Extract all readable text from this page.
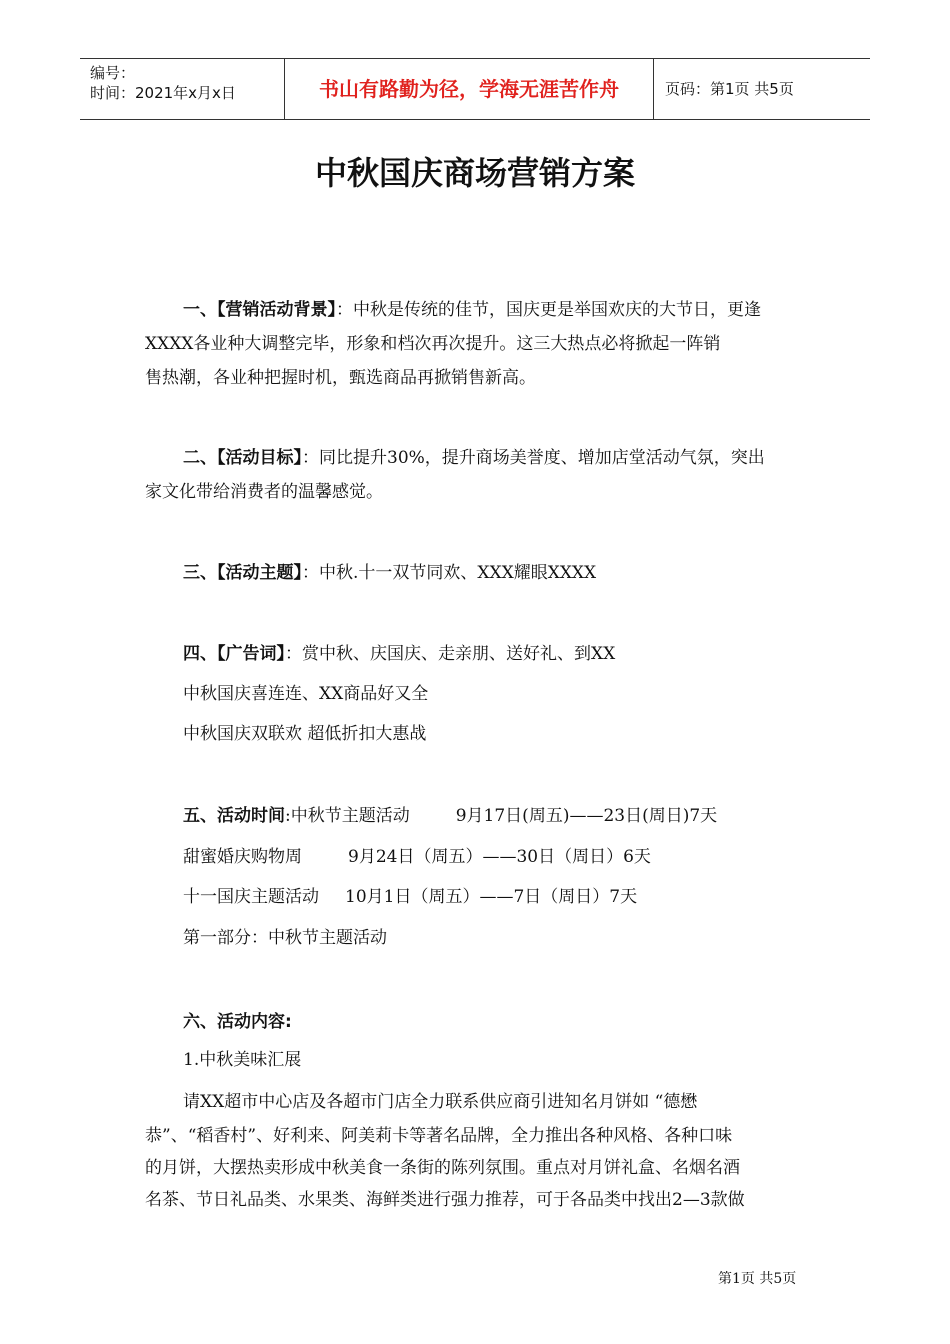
编号：
时间：2021年x月x日	书山有路勤为径，学海无涯苦作舟	页码：第1页 共5页
中秋国庆商场营销方案
一、【营销活动背景】：中秋是传统的佳节，国庆更是举国欢庆的大节日，更逢
XXXX各业种大调整完毕，形象和档次再次提升。这三大热点必将掀起一阵销
售热潮，各业种把握时机，甄选商品再掀销售新高。
二、【活动目标】：同比提升30%，提升商场美誉度、增加店堂活动气氛，突出
家文化带给消费者的温馨感觉。
三、【活动主题】：中秋.十一双节同欢、XXX耀眼XXXX
四、【广告词】：赏中秋、庆国庆、走亲朋、送好礼、到XX
中秋国庆喜连连、XX商品好又全
中秋国庆双联欢 超低折扣大惠战
五、活动时间:中秋节主题活动	9月17日(周五)——23日(周日)7天
甜蜜婚庆购物周	9月24日（周五）——30日（周日）6天
十一国庆主题活动 10月1日（周五）——7日（周日）7天
第一部分：中秋节主题活动
六、活动内容:
1.中秋美味汇展
请XX超市中心店及各超市门店全力联系供应商引进知名月饼如 “德懋
恭”、“稻香村”、好利来、阿美莉卡等著名品牌，全力推出各种风格、各种口味
的月饼，大摆热卖形成中秋美食一条街的陈列氛围。重点对月饼礼盒、名烟名酒
名茶、节日礼品类、水果类、海鲜类进行强力推荐，可于各品类中找出2—3款做
第1页 共5页
